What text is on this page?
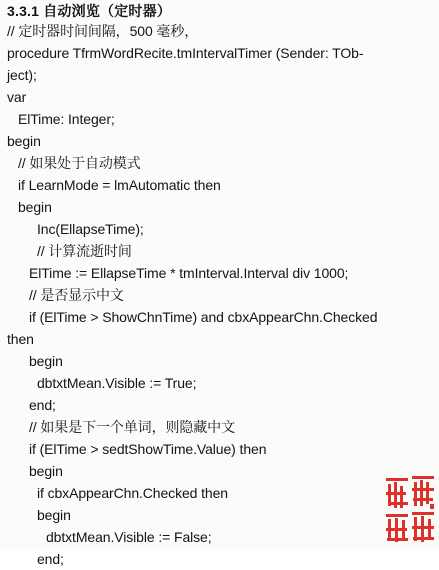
3.3.1 自动浏览（定时器）
// 定时器时间间隔，500 毫秒，
procedure TfrmWordRecite.tmIntervalTimer (Sender: TOb-
ject);
var
ElTime: Integer;
begin
// 如果处于自动模式
if LearnMode = lmAutomatic then
begin
Inc(EllapseTime);
// 计算流逝时间
ElTime := EllapseTime * tmInterval.Interval div 1000;
// 是否显示中文
if (ElTime > ShowChnTime) and cbxAppearChn.Checked
then
begin
dbtxtMean.Visible := True;
end;
// 如果是下一个单词，则隐藏中文
if (ElTime > sedtShowTime.Value) then
begin
if cbxAppearChn.Checked then
begin
dbtxtMean.Visible := False;
end;
